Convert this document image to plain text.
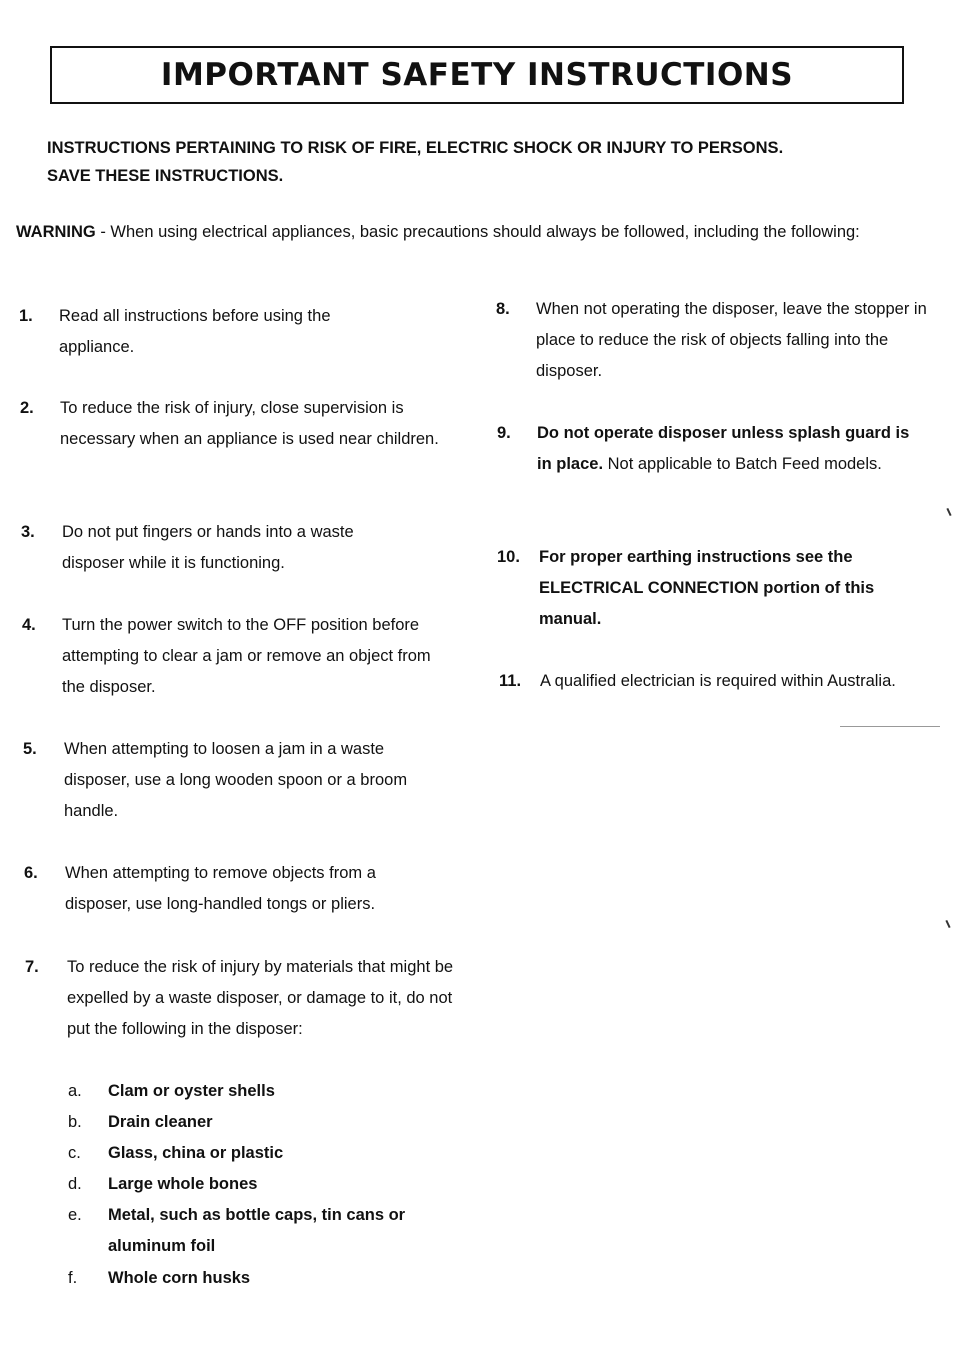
IMPORTANT SAFETY INSTRUCTIONS
INSTRUCTIONS PERTAINING TO RISK OF FIRE, ELECTRIC SHOCK OR INJURY TO PERSONS.
SAVE THESE INSTRUCTIONS.
WARNING - When using electrical appliances, basic precautions should always be followed, including the following:
1. Read all instructions before using the appliance.
2. To reduce the risk of injury, close supervision is necessary when an appliance is used near children.
3. Do not put fingers or hands into a waste disposer while it is functioning.
4. Turn the power switch to the OFF position before attempting to clear a jam or remove an object from the disposer.
5. When attempting to loosen a jam in a waste disposer, use a long wooden spoon or a broom handle.
6. When attempting to remove objects from a disposer, use long-handled tongs or pliers.
7. To reduce the risk of injury by materials that might be expelled by a waste disposer, or damage to it, do not put the following in the disposer:
a. Clam or oyster shells
b. Drain cleaner
c. Glass, china or plastic
d. Large whole bones
e. Metal, such as bottle caps, tin cans or aluminum foil
f. Whole corn husks
8. When not operating the disposer, leave the stopper in place to reduce the risk of objects falling into the disposer.
9. Do not operate disposer unless splash guard is in place. Not applicable to Batch Feed models.
10. For proper earthing instructions see the ELECTRICAL CONNECTION portion of this manual.
11. A qualified electrician is required within Australia.
